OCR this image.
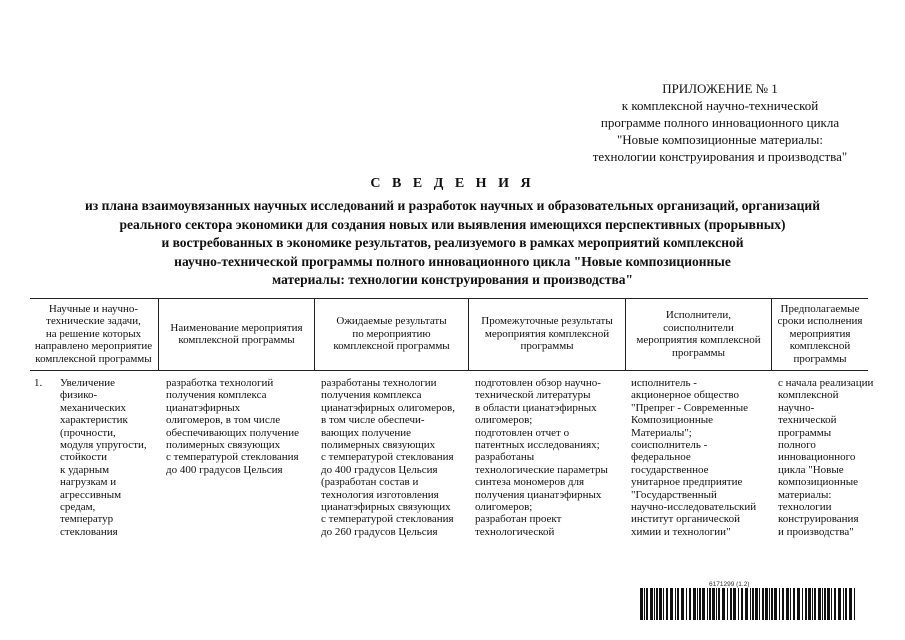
ПРИЛОЖЕНИЕ № 1
к комплексной научно-технической
программе полного инновационного цикла
"Новые композиционные материалы:
технологии конструирования и производства"
С В Е Д Е Н И Я
из плана взаимоувязанных научных исследований и разработок научных и образовательных организаций, организаций
реального сектора экономики для создания новых или выявления имеющихся перспективных (прорывных)
и востребованных в экономике результатов, реализуемого в рамках мероприятий комплексной
научно-технической программы полного инновационного цикла "Новые композиционные
материалы: технологии конструирования и производства"
Научные и научно-
технические задачи,
на решение которых
направлено мероприятие
комплексной программы
Наименование мероприятия
комплексной программы
Ожидаемые результаты
по мероприятию
комплексной программы
Промежуточные результаты
мероприятия комплексной
программы
Исполнители,
соисполнители
мероприятия комплексной
программы
Предполагаемые
сроки исполнения
мероприятия
комплексной
программы
1. Увеличение
физико-
механических
характеристик
(прочности,
модуля упругости,
стойкости
к ударным
нагрузкам и
агрессивным
средам,
температур
стеклования
разработка технологий
получения комплекса
цианатэфирных
олигомеров, в том числе
обеспечивающих получение
полимерных связующих
с температурой стеклования
до 400 градусов Цельсия
разработаны технологии
получения комплекса
цианатэфирных олигомеров,
в том числе обеспечи-
вающих получение
полимерных связующих
с температурой стеклования
до 400 градусов Цельсия
(разработан состав и
технология изготовления
цианатэфирных связующих
с температурой стеклования
до 260 градусов Цельсия
подготовлен обзор научно-
технической литературы
в области цианатэфирных
олигомеров;
подготовлен отчет о
патентных исследованиях;
разработаны
технологические параметры
синтеза мономеров для
получения цианатэфирных
олигомеров;
разработан проект
технологической
исполнитель -
акционерное общество
"Препрег - Современные
Композиционные
Материалы";
соисполнитель -
федеральное
государственное
унитарное предприятие
"Государственный
научно-исследовательский
институт органической
химии и технологии"
с начала реализации
комплексной
научно-
технической
программы
полного
инновационного
цикла "Новые
композиционные
материалы:
технологии
конструирования
и производства"
6171299 (1.2)
